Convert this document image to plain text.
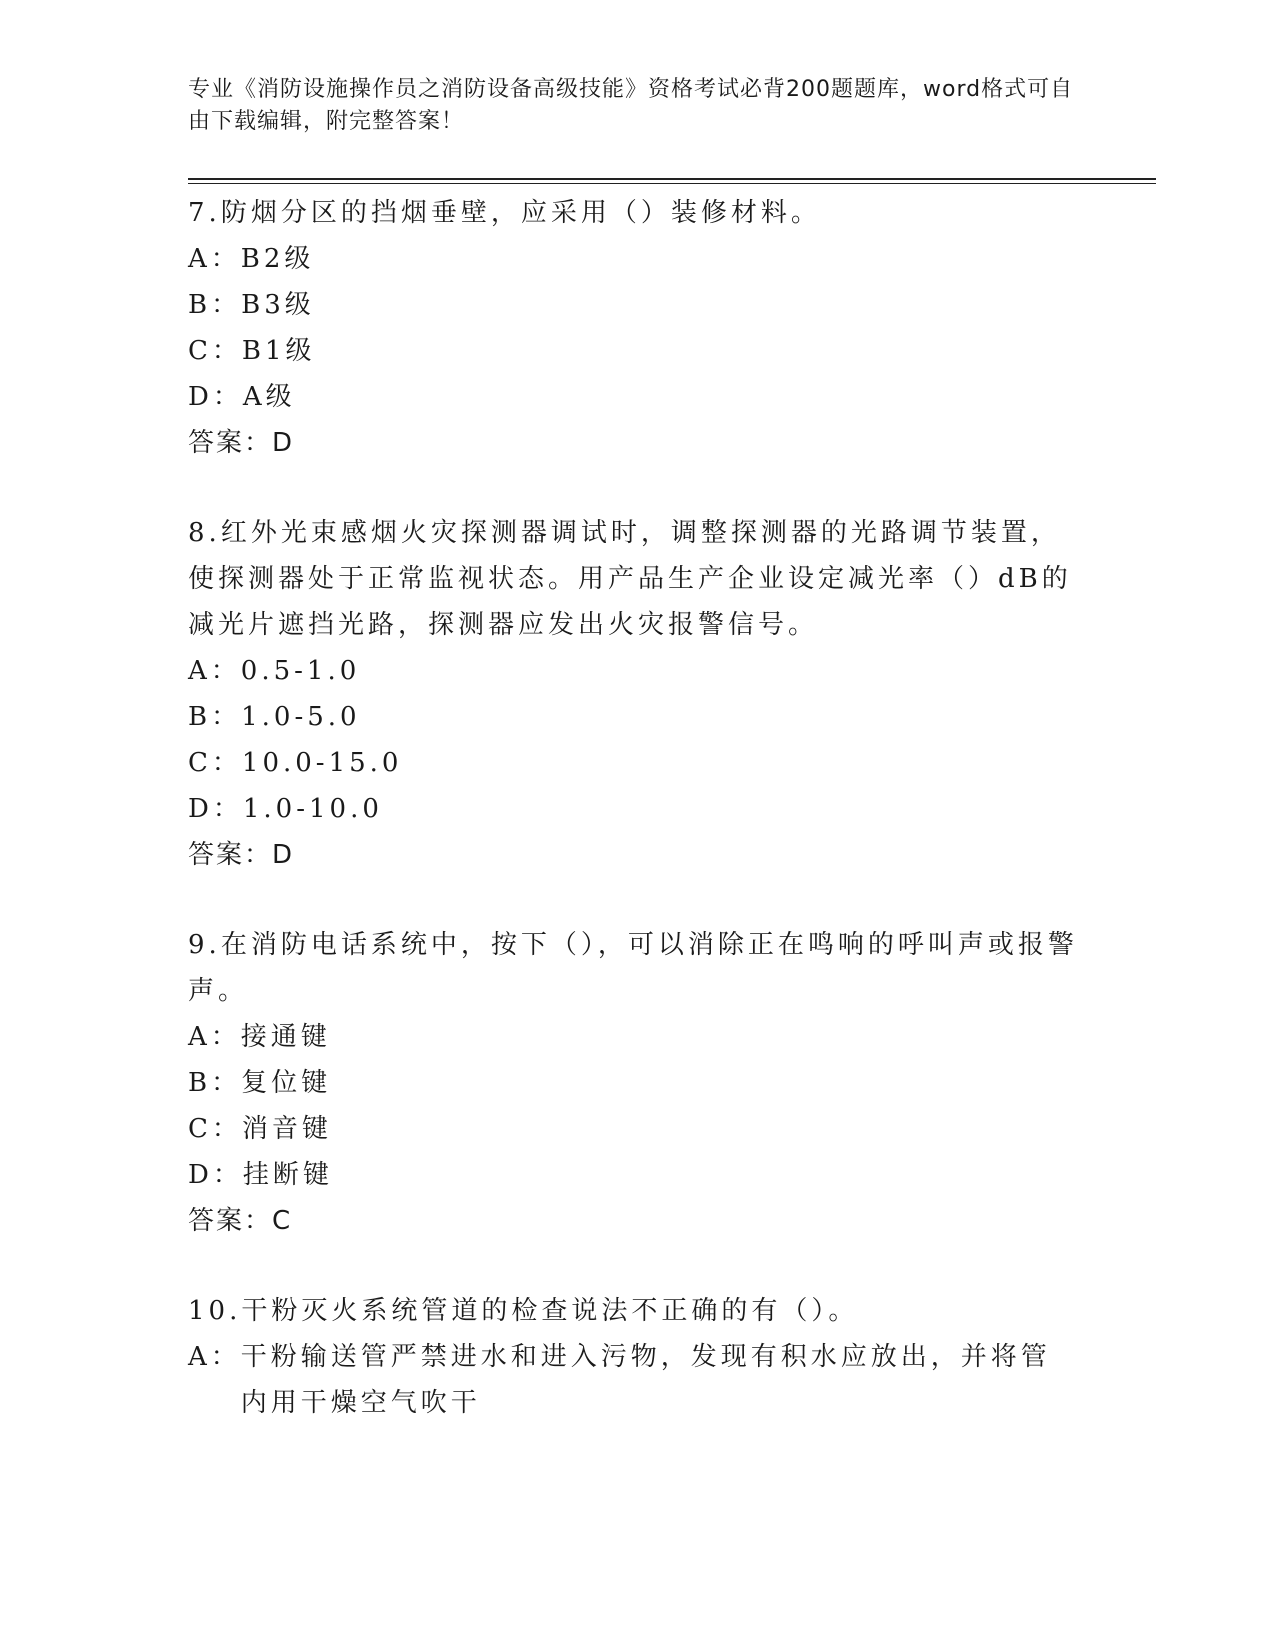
专业《消防设施操作员之消防设备高级技能》资格考试必背200题题库，word格式可自由下载编辑，附完整答案！
7.防烟分区的挡烟垂壁，应采用（）装修材料。
A： B2级
B： B3级
C： B1级
D： A级
答案：D
8.红外光束感烟火灾探测器调试时，调整探测器的光路调节装置，使探测器处于正常监视状态。用产品生产企业设定减光率（）dB的减光片遮挡光路，探测器应发出火灾报警信号。
A： 0.5-1.0
B： 1.0-5.0
C： 10.0-15.0
D： 1.0-10.0
答案：D
9.在消防电话系统中，按下（），可以消除正在鸣响的呼叫声或报警声。
A： 接通键
B： 复位键
C： 消音键
D： 挂断键
答案：C
10.干粉灭火系统管道的检查说法不正确的有（）。
A： 干粉输送管严禁进水和进入污物，发现有积水应放出，并将管内用干燥空气吹干
